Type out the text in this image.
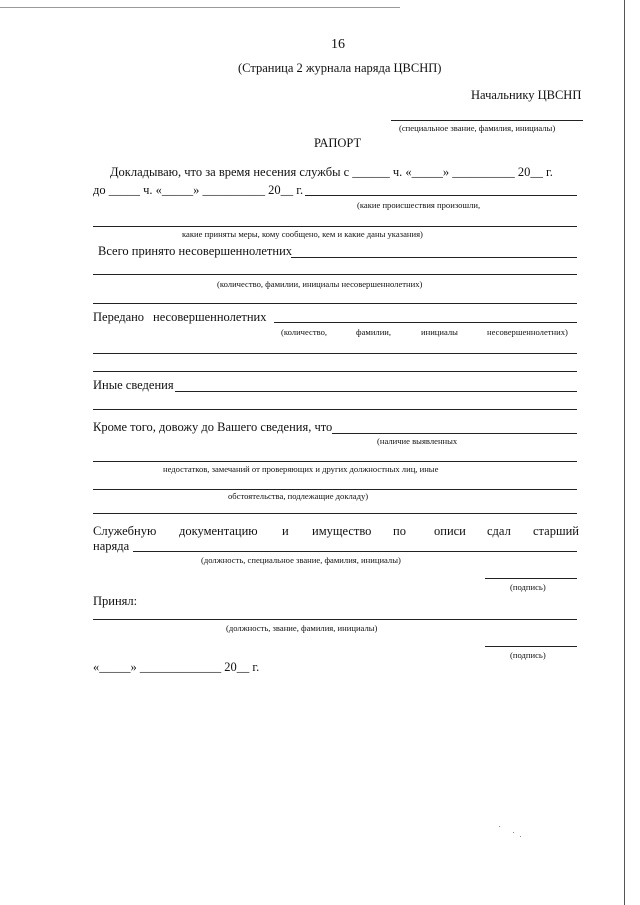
16
(Страница 2 журнала наряда ЦВСНП)
Начальнику ЦВСНП
(специальное звание, фамилия, инициалы)
РАПОРТ
Докладываю, что за время несения службы с ______ ч. «_____» __________ 20__ г.
до _____ ч. «_____» __________ 20__ г.
(какие происшествия произошли,
какие приняты меры, кому сообщено, кем и какие даны указания)
Всего принято несовершеннолетних
(количество, фамилии, инициалы несовершеннолетних)
Передано несовершеннолетних
(количество,	фамилии,	инициалы	несовершеннолетних)
Иные сведения
Кроме того, довожу до Вашего сведения, что
(наличие выявленных
недостатков, замечаний от проверяющих и других должностных лиц, иные
обстоятельства, подлежащие докладу)
Служебную документацию и имущество по описи сдал старший
наряда
(должность, специальное звание, фамилия, инициалы)
(подпись)
Принял:
(должность, звание, фамилия, инициалы)
(подпись)
«_____» _____________ 20__ г.
